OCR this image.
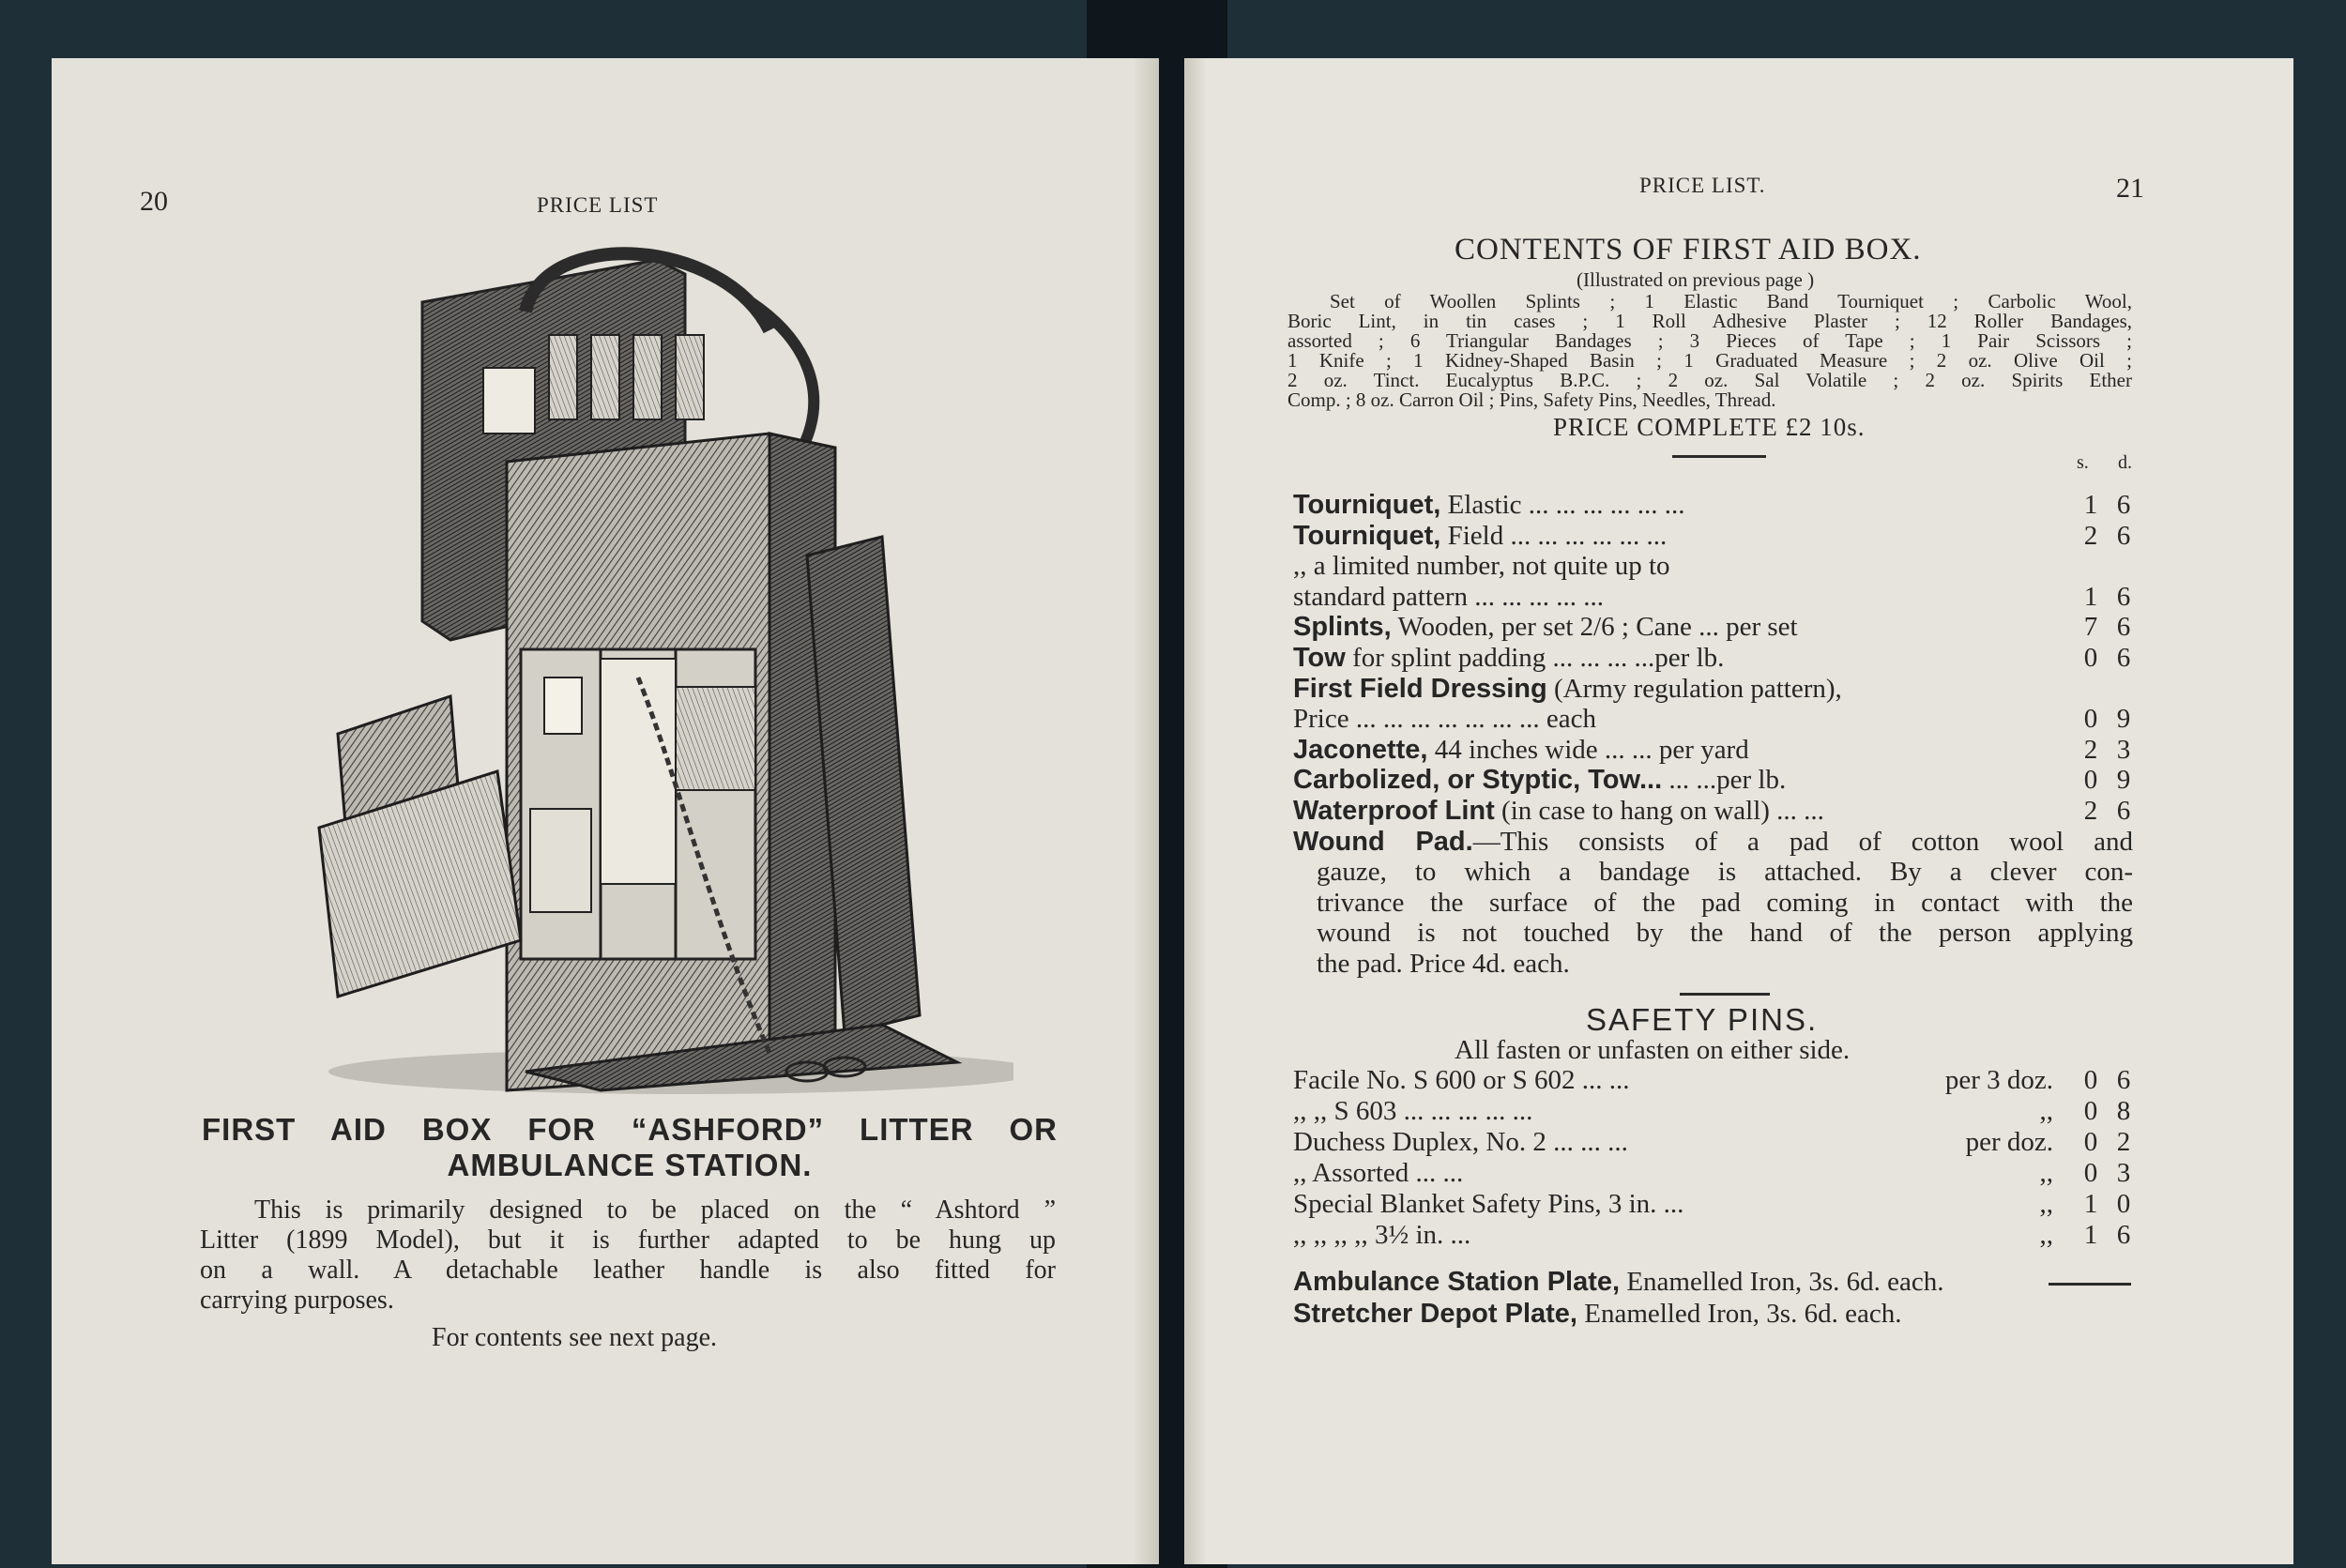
20	PRICE LIST
FIRST AID BOX FOR “ASHFORD” LITTER OR
AMBULANCE STATION.
This is primarily designed to be placed on the “ Ashtord ”
Litter (1899 Model), but it is further adapted to be hung up
on a wall. A detachable leather handle is also fitted for
carrying purposes.
For contents see next page.
PRICE LIST.	21
CONTENTS OF FIRST AID BOX.
(Illustrated on previous page )
Set of Woollen Splints ; 1 Elastic Band Tourniquet ; Carbolic Wool,
Boric Lint, in tin cases ; 1 Roll Adhesive Plaster ; 12 Roller Bandages,
assorted ; 6 Triangular Bandages ; 3 Pieces of Tape ; 1 Pair Scissors ;
1 Knife ; 1 Kidney-Shaped Basin ; 1 Graduated Measure ; 2 oz. Olive Oil ;
2 oz. Tinct. Eucalyptus B.P.C. ; 2 oz. Sal Volatile ; 2 oz. Spirits Ether
Comp. ; 8 oz. Carron Oil ; Pins, Safety Pins, Needles, Thread.
PRICE COMPLETE £2 10s.
s. d.
Tourniquet, Elastic ... ... ... ... ... ...	1 6
Tourniquet, Field ... ... ... ... ... ...	2 6
,, a limited number, not quite up to
standard pattern ... ... ... ... ...	1 6
Splints, Wooden, per set 2/6 ; Cane ... per set	7 6
Tow for splint padding ... ... ... ...per lb.	0 6
First Field Dressing (Army regulation pattern),
Price ... ... ... ... ... ... ... each	0 9
Jaconette, 44 inches wide ... ... per yard	2 3
Carbolized, or Styptic, Tow... ... ...per lb.	0 9
Waterproof Lint (in case to hang on wall) ... ...	2 6
Wound Pad.—This consists of a pad of cotton wool and
gauze, to which a bandage is attached. By a clever con-
trivance the surface of the pad coming in contact with the
wound is not touched by the hand of the person applying
the pad. Price 4d. each.
SAFETY PINS.
All fasten or unfasten on either side.
Facile No. S 600 or S 602 ... ...	per 3 doz. 0 6
,, ,, S 603 ... ... ... ... ...	,, 0 8
Duchess Duplex, No. 2 ... ... ...	per doz. 0 2
,, Assorted ... ...	,, 0 3
Special Blanket Safety Pins, 3 in. ...	,, 1 0
,, ,, ,, ,, 3½ in. ...	,, 1 6
Ambulance Station Plate, Enamelled Iron, 3s. 6d. each.
Stretcher Depot Plate, Enamelled Iron, 3s. 6d. each.
